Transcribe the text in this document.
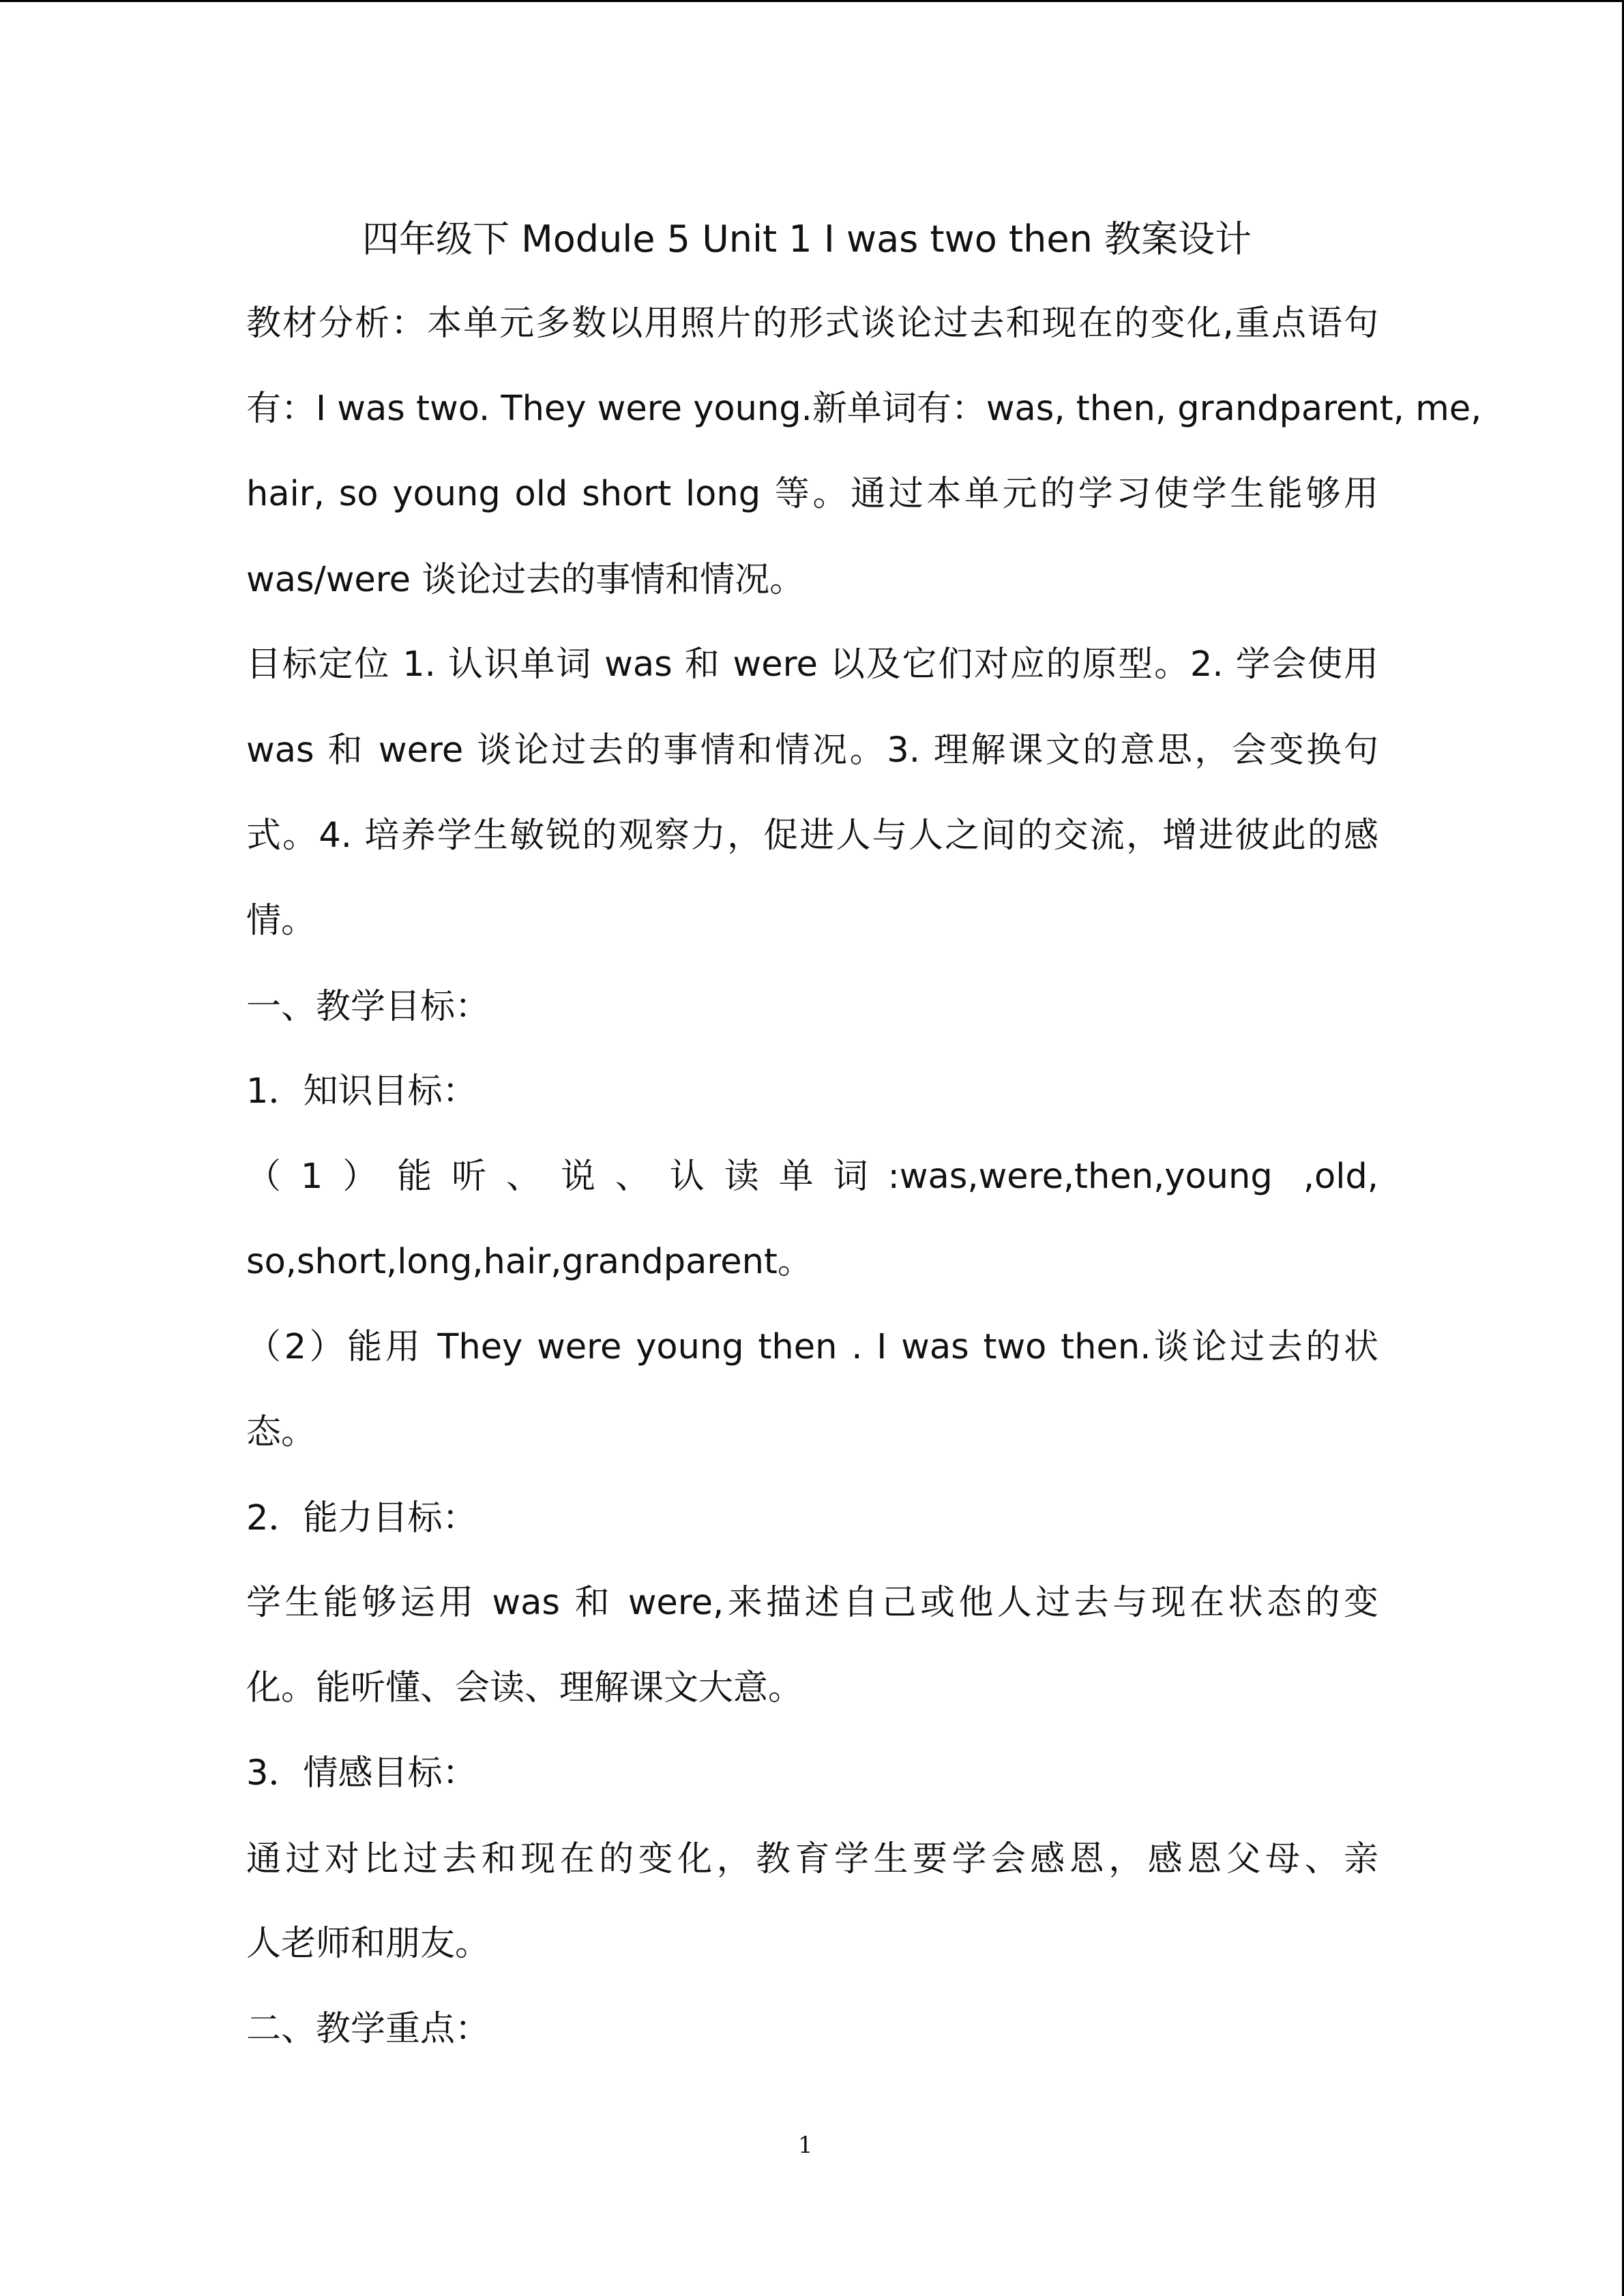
四年级下 Module 5 Unit 1 I was two then 教案设计
教材分析：本单元多数以用照片的形式谈论过去和现在的变化,重点语句
有：I was two. They were young.新单词有：was, then, grandparent, me,
hair, so young old short long 等。通过本单元的学习使学生能够用
was/were 谈论过去的事情和情况。
目标定位 1. 认识单词 was 和 were 以及它们对应的原型。2. 学会使用
was 和 were 谈论过去的事情和情况。3. 理解课文的意思，会变换句
式。4. 培养学生敏锐的观察力，促进人与人之间的交流，增进彼此的感
情。
一、教学目标：
1．知识目标：
（1）能听、说、认读单词:was,were,then,young ,old,
so,short,long,hair,grandparent。
（2）能用 They were young then . I was two then.谈论过去的状
态。
2．能力目标：
学生能够运用 was 和 were,来描述自己或他人过去与现在状态的变
化。能听懂、会读、理解课文大意。
3．情感目标：
通过对比过去和现在的变化，教育学生要学会感恩，感恩父母、亲
人老师和朋友。
二、教学重点：
1
